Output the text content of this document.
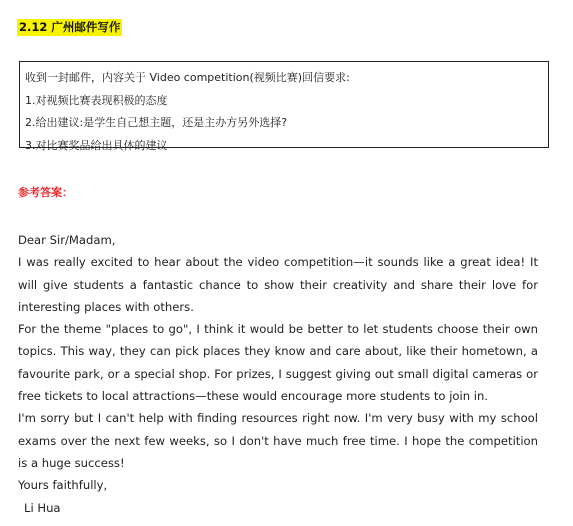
2.12 广州邮件写作
收到一封邮件，内容关于 Video competition(视频比赛)回信要求:
1.对视频比赛表现积极的态度
2.给出建议:是学生自己想主题，还是主办方另外选择?
3.对比赛奖品给出具体的建议
参考答案：

Dear Sir/Madam,

I was really excited to hear about the video competition—it sounds like a great idea! It will give students a fantastic chance to show their creativity and share their love for interesting places with others.

For the theme "places to go", I think it would be better to let students choose their own topics. This way, they can pick places they know and care about, like their hometown, a favourite park, or a special shop. For prizes, I suggest giving out small digital cameras or free tickets to local attractions—these would encourage more students to join in.

I'm sorry but I can't help with finding resources right now. I'm very busy with my school exams over the next few weeks, so I don't have much free time. I hope the competition is a huge success!

Yours faithfully,

Li Hua
